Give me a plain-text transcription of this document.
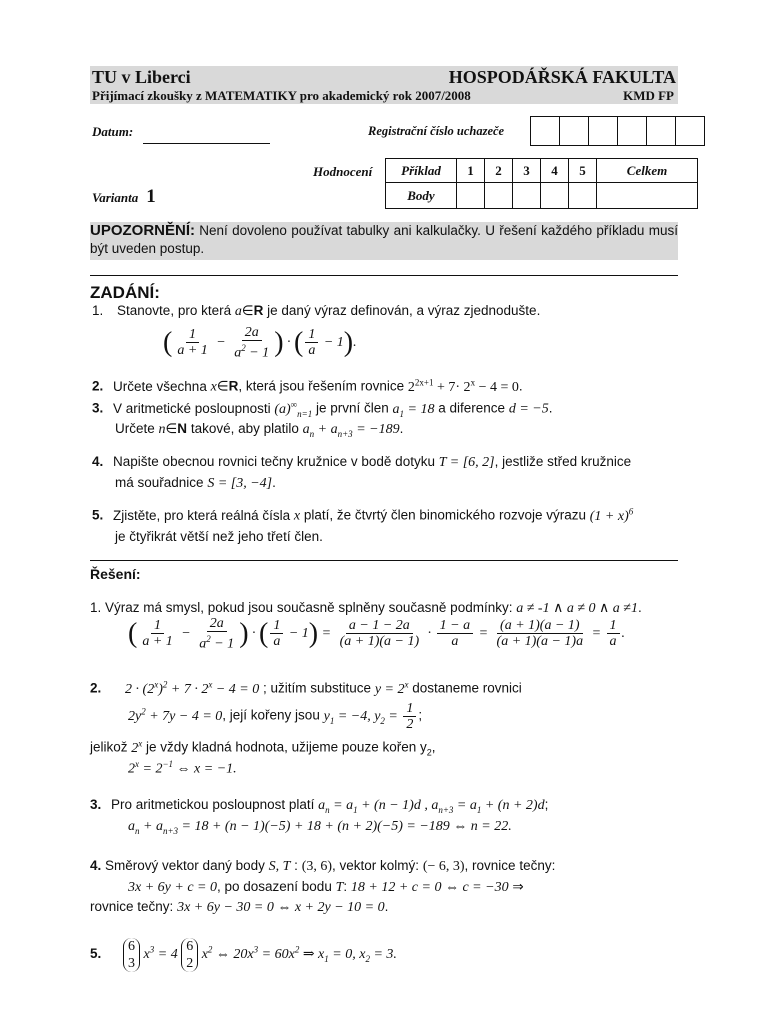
TU v Liberci	HOSPODÁŘSKÁ FAKULTA
Přijímací zkoušky z MATEMATIKY pro akademický rok 2007/2008	KMD FP
Datum:	Registrační číslo uchazeče

Hodnocení Příklad	1	2	3	4	5	Celkem
Body						
Varianta 1
UPOZORNĚNÍ: Není dovoleno používat tabulky ani kalkulačky. U řešení každého příkladu musí být uveden postup.
ZADÁNÍ:
1. Stanovte, pro která a∈R je daný výraz definován, a výraz zjednodušte.
( $\frac{1}{a + 1} - \frac{2a}{a^2 - 1}$ ) · ( $\frac{1}{a} - 1$).
2. Určete všechna x∈R, která jsou řešením rovnice $2^{2x+1} + 7\cdot 2^x - 4 = 0$.
3. V aritmetické posloupnosti $(a)^\infty_{n=1}$ je první člen $a_1 = 18$ a diference d = −5.
Určete n∈N takové, aby platilo $a_n + a_{n+3} = -189$.
4. Napište obecnou rovnici tečny kružnice v bodě dotyku T = [6, 2], jestliže střed kružnice
má souřadnice S = [3, −4].
5. Zjistěte, pro která reálná čísla x platí, že čtvrtý člen binomického rozvoje výrazu $(1 + x)^6$
je čtyřikrát větší než jeho třetí člen.
Řešení:
1. Výraz má smysl, pokud jsou současně splněny současně podmínky: a ≠ -1 ∧ a ≠ 0 ∧ a ≠1.
( $\frac{1}{a + 1} - \frac{2a}{a^2 - 1}$ ) · ( $\frac{1}{a} - 1) = \frac{a - 1 - 2a}{(a + 1)(a - 1)} \cdot \frac{1 - a}{a} = \frac{(a + 1)(a - 1)}{(a + 1)(a - 1)a} = \frac{1}{a}$ .
2. $2 \cdot (2^x)^2 + 7 \cdot 2^x - 4 = 0$ ; užitím substituce $y = 2^x$ dostaneme rovnici
$2y^2 + 7y - 4 = 0$, její kořeny jsou $y_1 = -4$, $y_2 = \frac{1}{2}$ ;
jelikož 2$^x$ je vždy kladná hodnota, užijeme pouze kořen $y_2$,
$2^x = 2^{-1}$ ⇔ x = −1.
3. Pro aritmetickou posloupnost platí $a_n = a_1 + (n - 1)d$ , $a_{n+3} = a_1 + (n + 2)d$;
$a_n + a_{n+3} = 18 + (n - 1)(-5) + 18 + (n + 2)(-5) = -189$ ⇔ n = 22.
4. Směrový vektor daný body S, T : (3, 6), vektor kolmý: (− 6, 3), rovnice tečny:
3x + 6y + c = 0, po dosazení bodu T: 18 + 12 + c = 0 ⇔ c = −30 ⇒
rovnice tečny: 3x + 6y − 30 = 0 ⇔ x + 2y − 10 = 0.
5. 6
3
$x^3 = 4$
6
2
$x^2$ ⇔ $20x^3 = 60x^2$ ⇒ $x_1 = 0$, $x_2 = 3$.
